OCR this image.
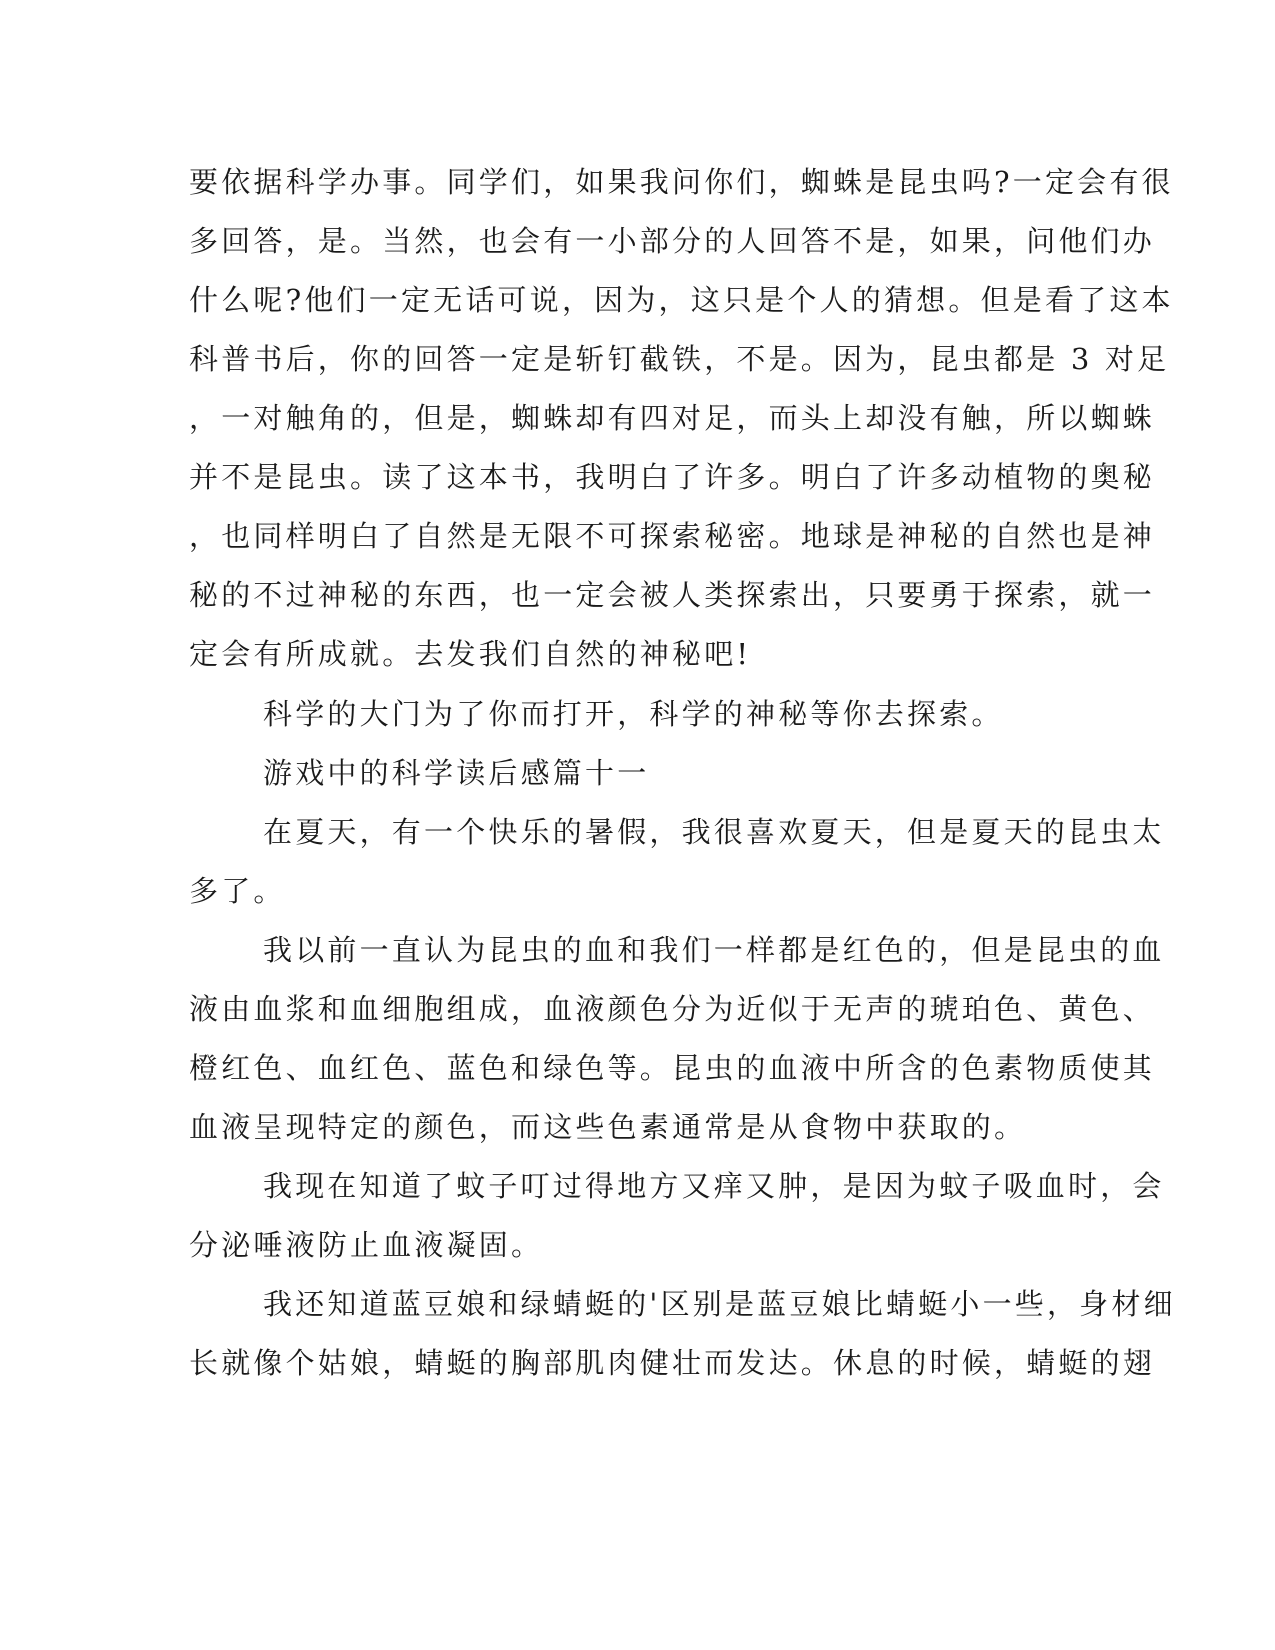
要依据科学办事。同学们，如果我问你们，蜘蛛是昆虫吗?一定会有很
多回答，是。当然，也会有一小部分的人回答不是，如果，问他们办
什么呢?他们一定无话可说，因为，这只是个人的猜想。但是看了这本
科普书后，你的回答一定是斩钉截铁，不是。因为，昆虫都是 3 对足
，一对触角的，但是，蜘蛛却有四对足，而头上却没有触，所以蜘蛛
并不是昆虫。读了这本书，我明白了许多。明白了许多动植物的奥秘
，也同样明白了自然是无限不可探索秘密。地球是神秘的自然也是神
秘的不过神秘的东西，也一定会被人类探索出，只要勇于探索，就一
定会有所成就。去发我们自然的神秘吧!
科学的大门为了你而打开，科学的神秘等你去探索。
游戏中的科学读后感篇十一
在夏天，有一个快乐的暑假，我很喜欢夏天，但是夏天的昆虫太
多了。
我以前一直认为昆虫的血和我们一样都是红色的，但是昆虫的血
液由血浆和血细胞组成，血液颜色分为近似于无声的琥珀色、黄色、
橙红色、血红色、蓝色和绿色等。昆虫的血液中所含的色素物质使其
血液呈现特定的颜色，而这些色素通常是从食物中获取的。
我现在知道了蚊子叮过得地方又痒又肿，是因为蚊子吸血时，会
分泌唾液防止血液凝固。
我还知道蓝豆娘和绿蜻蜓的'区别是蓝豆娘比蜻蜓小一些，身材细
长就像个姑娘，蜻蜓的胸部肌肉健壮而发达。休息的时候，蜻蜓的翅
